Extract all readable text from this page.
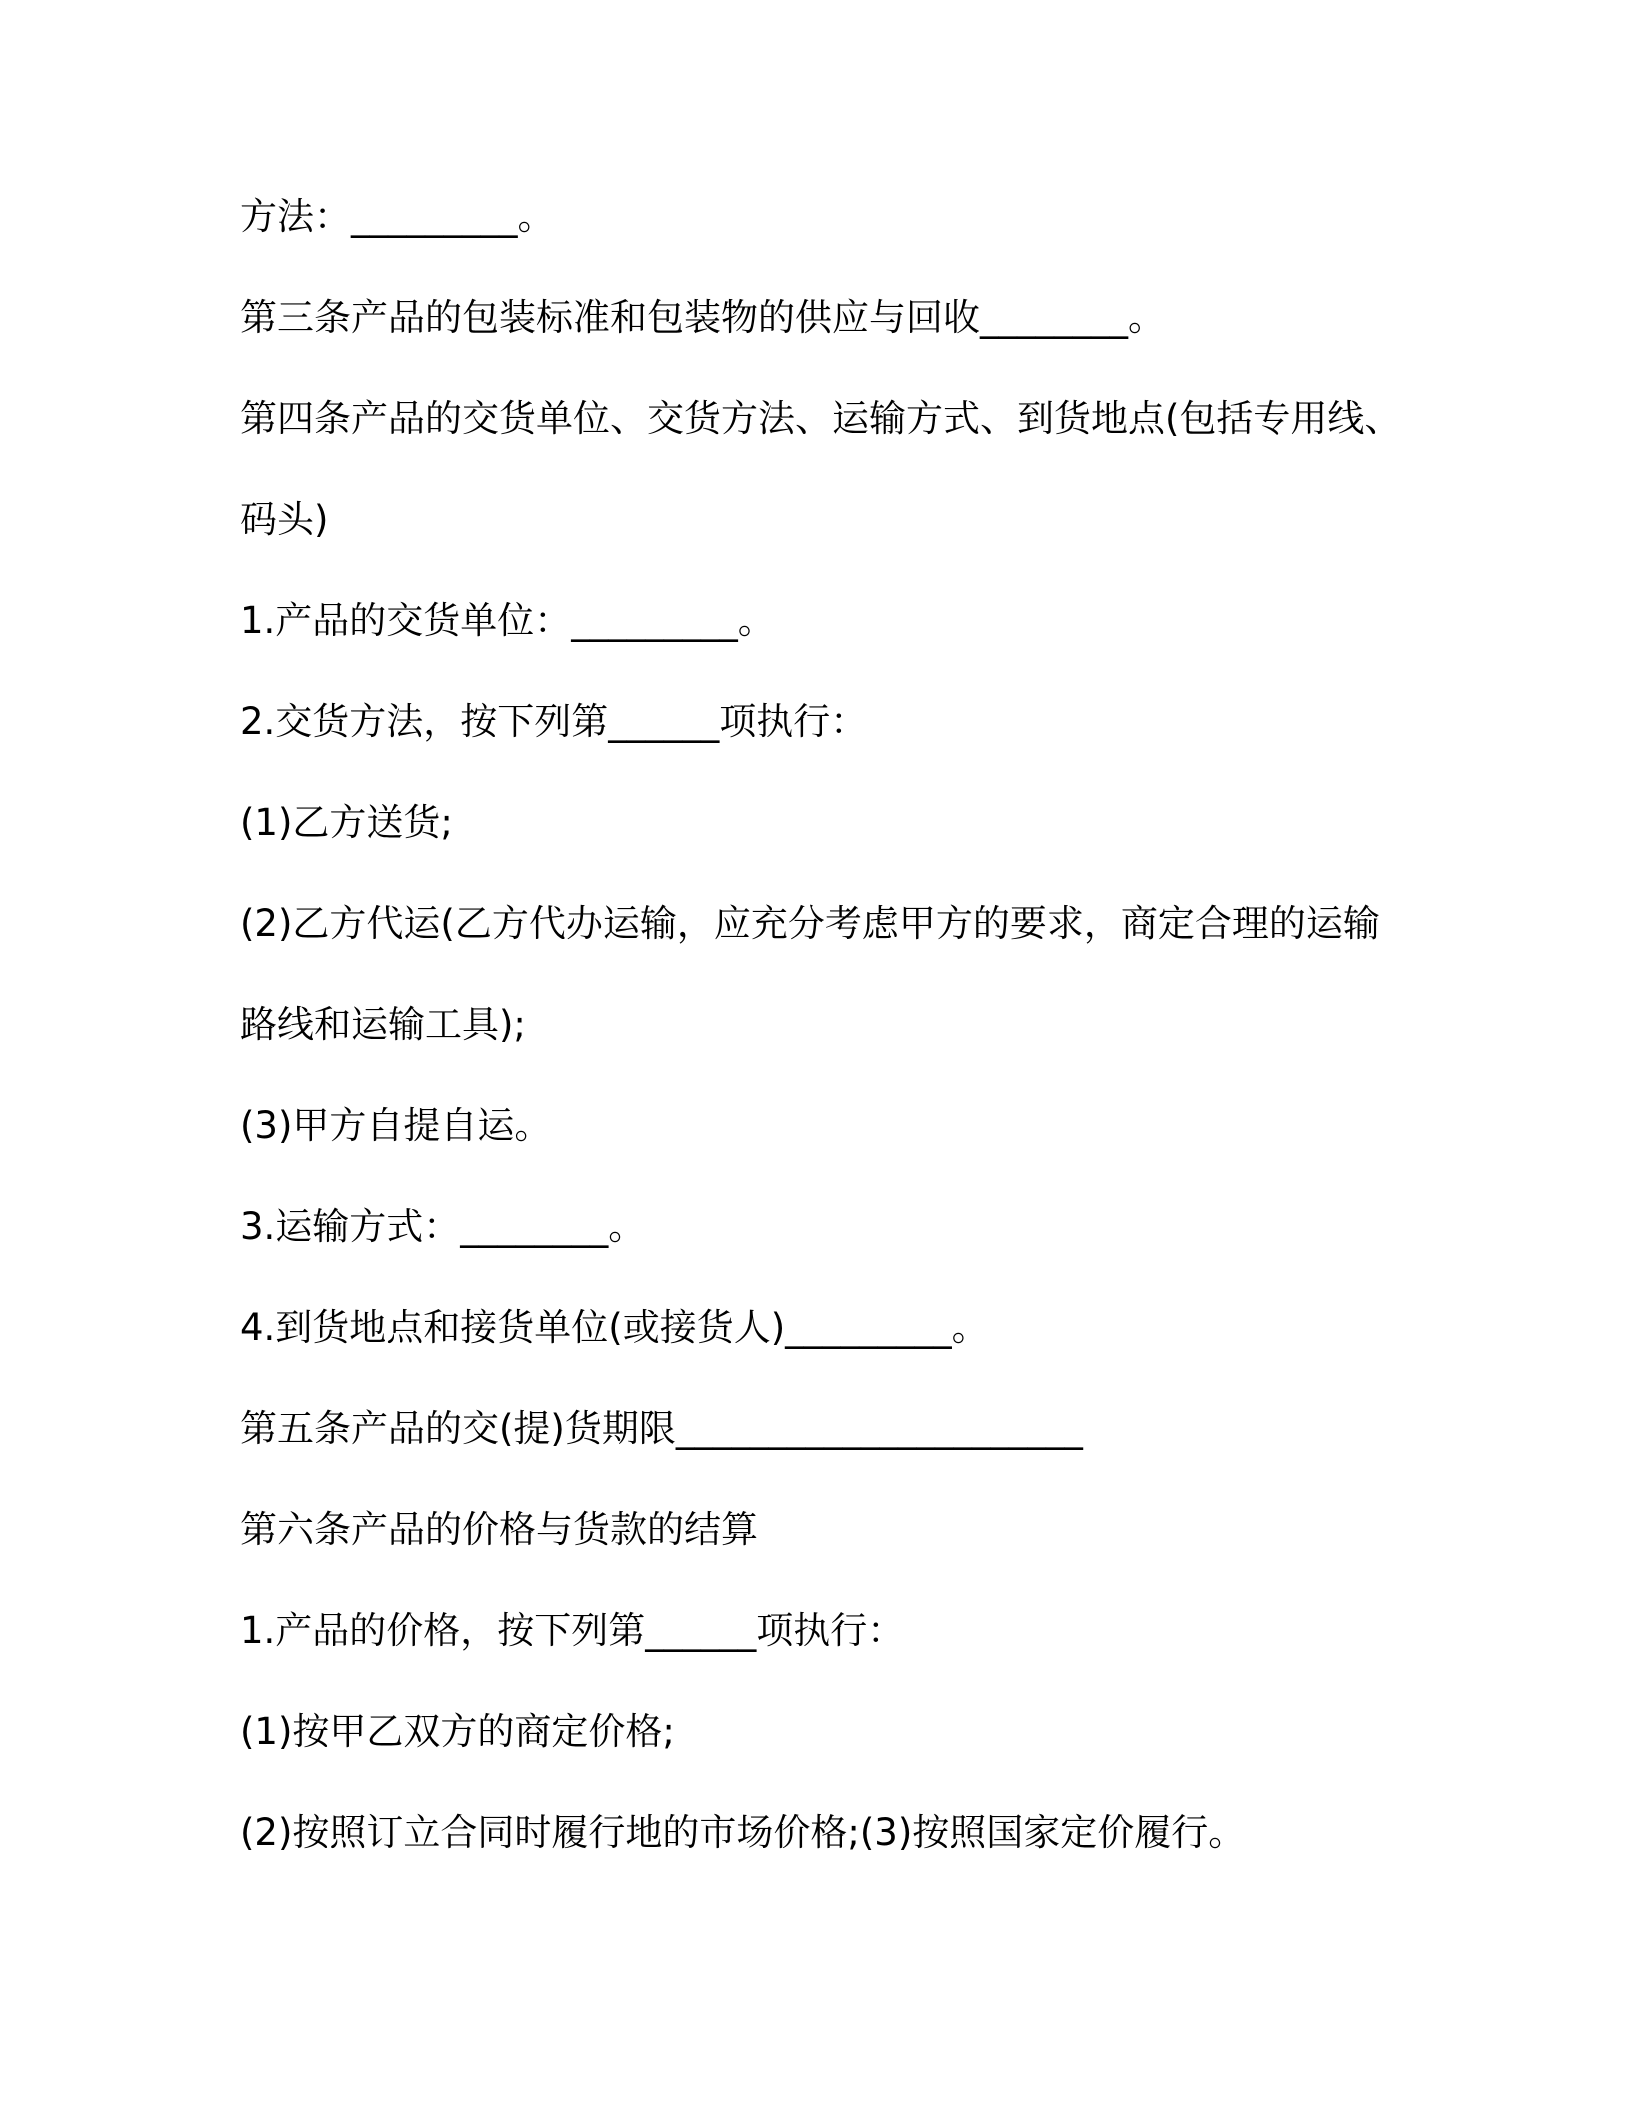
方法：_________。
第三条产品的包装标准和包装物的供应与回收________。
第四条产品的交货单位、交货方法、运输方式、到货地点(包括专用线、
码头)
1.产品的交货单位：_________。
2.交货方法，按下列第______项执行：
(1)乙方送货;
(2)乙方代运(乙方代办运输，应充分考虑甲方的要求，商定合理的运输
路线和运输工具);
(3)甲方自提自运。
3.运输方式：________。
4.到货地点和接货单位(或接货人)_________。
第五条产品的交(提)货期限______________________
第六条产品的价格与货款的结算
1.产品的价格，按下列第______项执行：
(1)按甲乙双方的商定价格;
(2)按照订立合同时履行地的市场价格;(3)按照国家定价履行。
